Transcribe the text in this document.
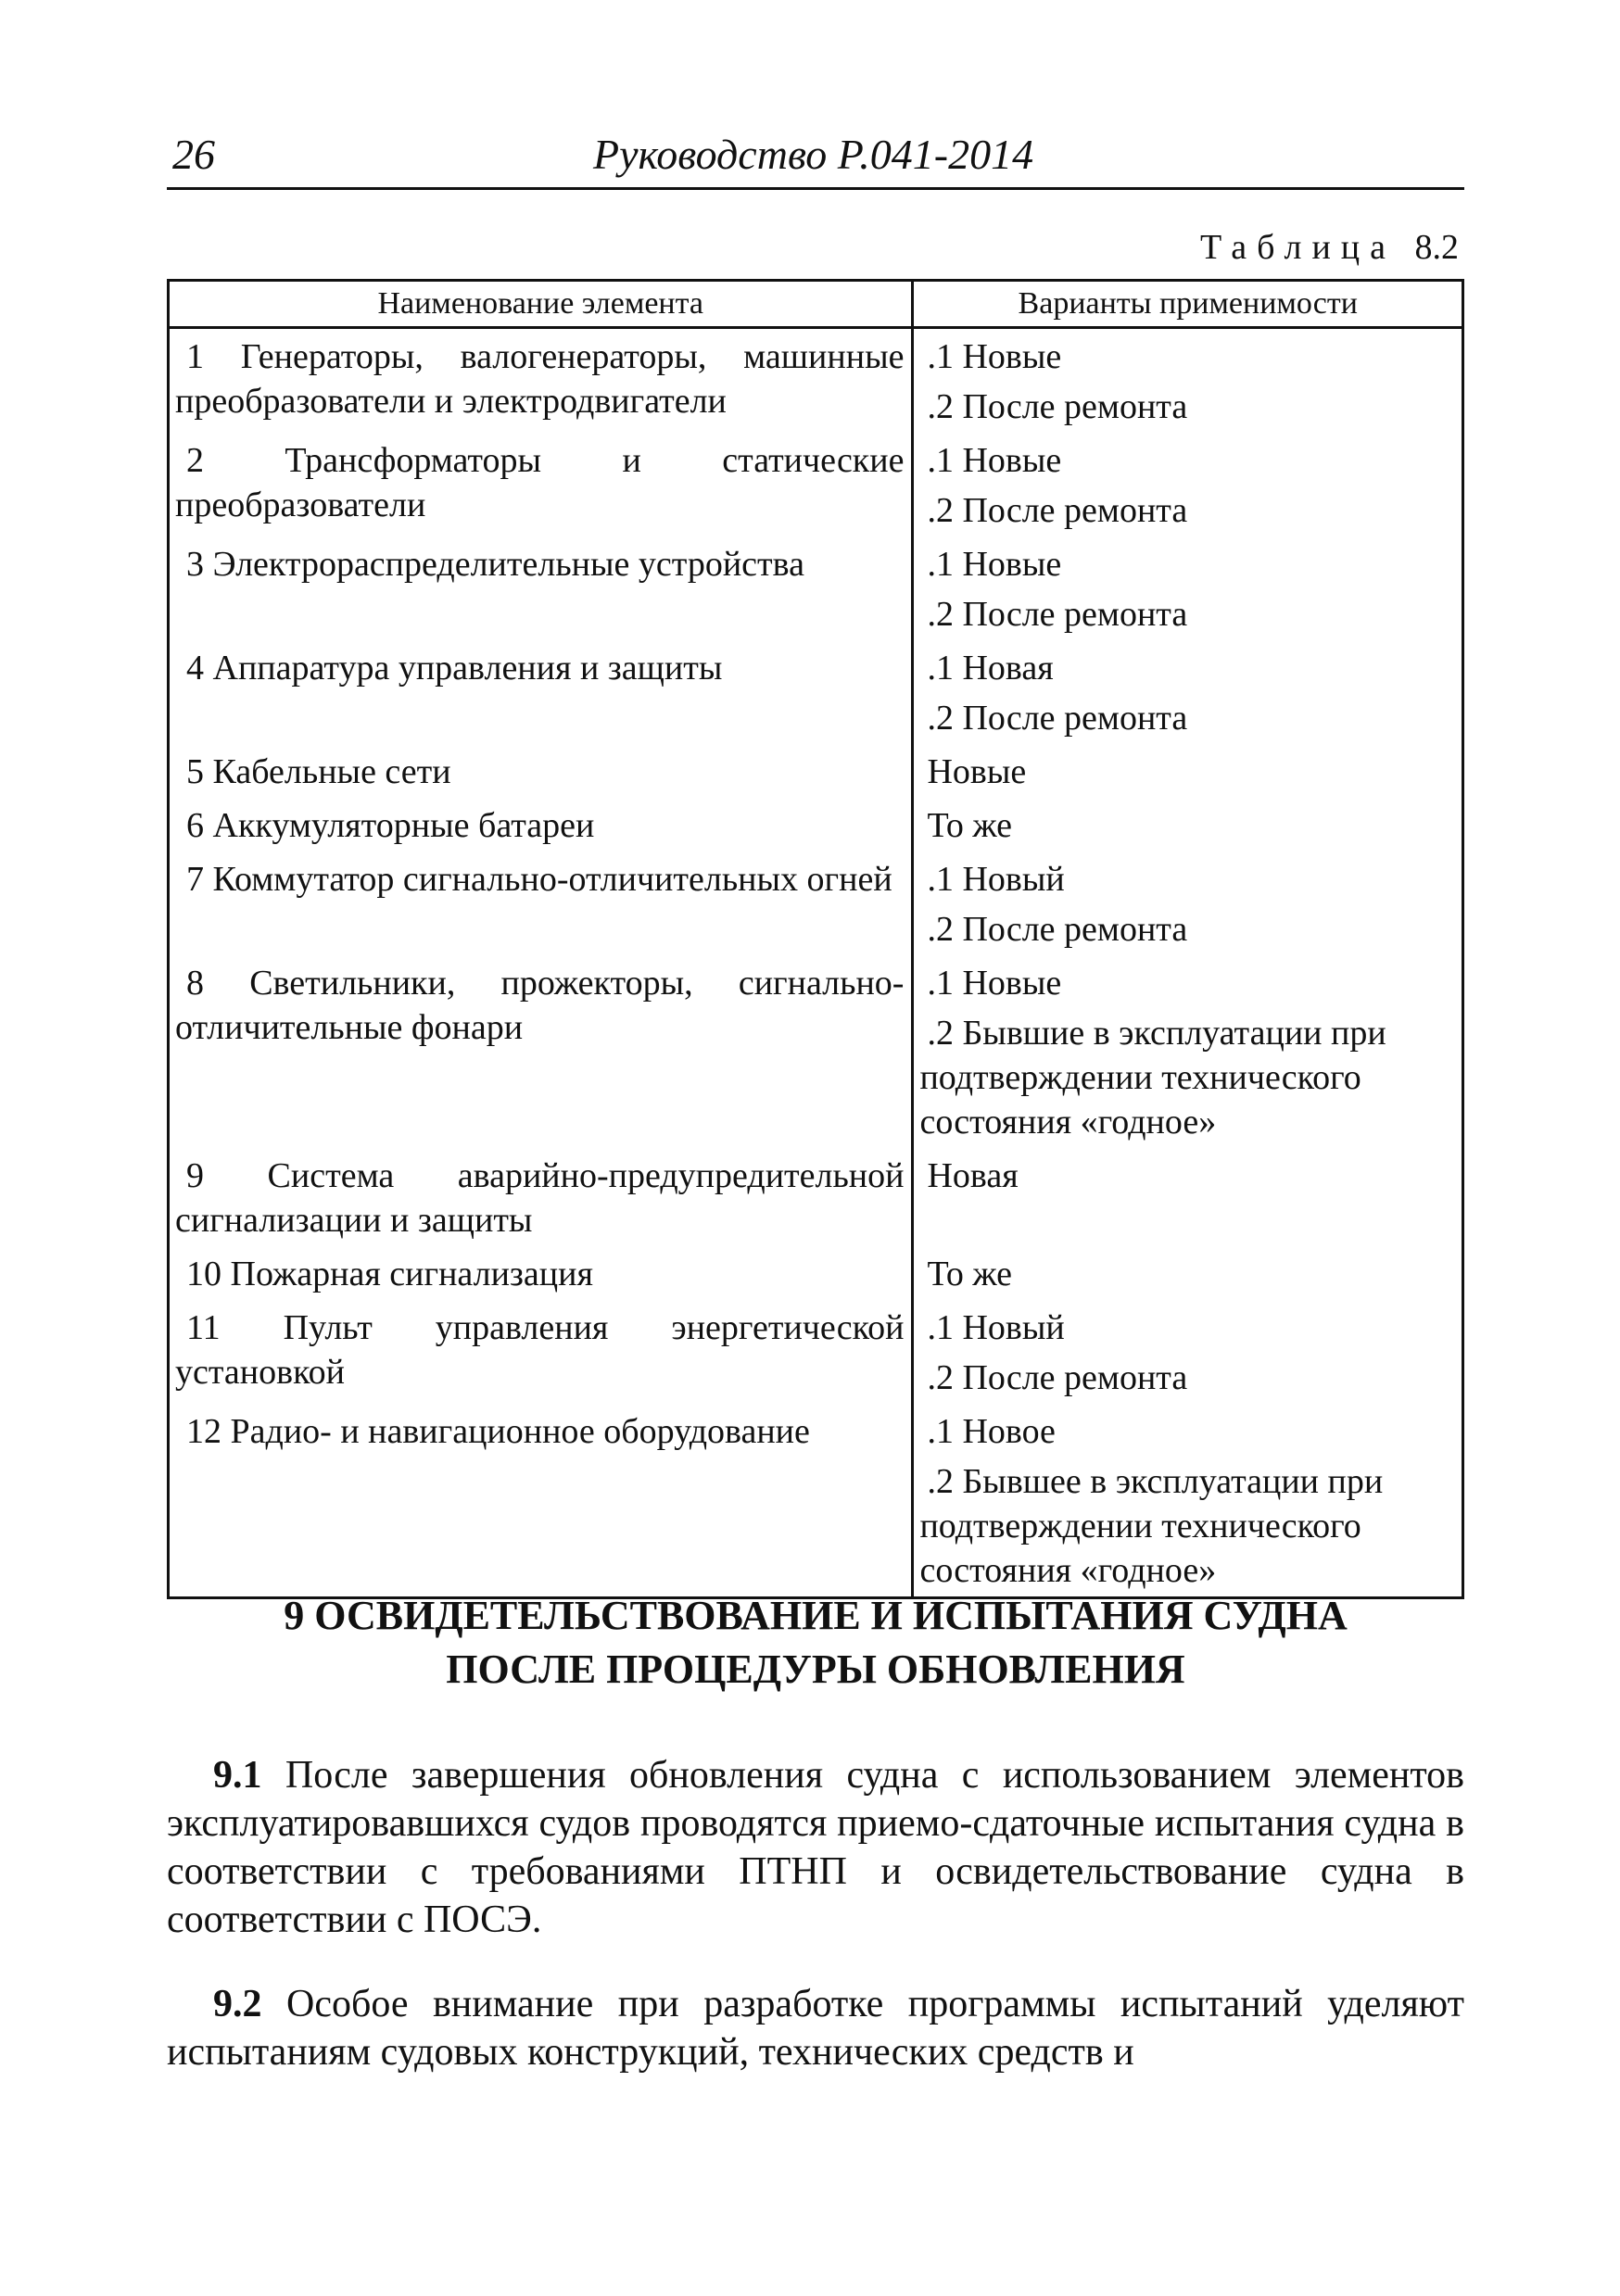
26	Руководство Р.041-2014
Таблица 8.2
Наименование элемента	Варианты применимости

1 Генераторы, валогенераторы, машинные преобразователи и электродвигатели	.1 Новые
.2 После ремонта

2 Трансформаторы и статические преобразователи	.1 Новые
.2 После ремонта

3 Электрораспределительные устройства	.1 Новые
.2 После ремонта

4 Аппаратура управления и защиты	.1 Новая
.2 После ремонта

5 Кабельные сети	Новые

6 Аккумуляторные батареи	То же

7 Коммутатор сигнально-отличительных огней	.1 Новый
.2 После ремонта

8 Светильники, прожекторы, сигнально-отличительные фонари	.1 Новые
.2 Бывшие в эксплуатации при
подтверждении технического
состояния «годное»

9 Система аварийно-предупредительной сигнализации и защиты	Новая

10 Пожарная сигнализация	То же

11 Пульт управления энергетической установкой	.1 Новый
.2 После ремонта

12 Радио- и навигационное оборудование	.1 Новое
.2 Бывшее в эксплуатации при
подтверждении технического
состояния «годное»
9 ОСВИДЕТЕЛЬСТВОВАНИЕ И ИСПЫТАНИЯ СУДНА
ПОСЛЕ ПРОЦЕДУРЫ ОБНОВЛЕНИЯ

9.1 После завершения обновления судна с использованием элементов эксплуатировавшихся судов проводятся приемо-сдаточные испытания судна в соответствии с требованиями ПТНП и освидетельствование судна в соответствии с ПОСЭ.

9.2 Особое внимание при разработке программы испытаний уделяют испытаниям судовых конструкций, технических средств и
